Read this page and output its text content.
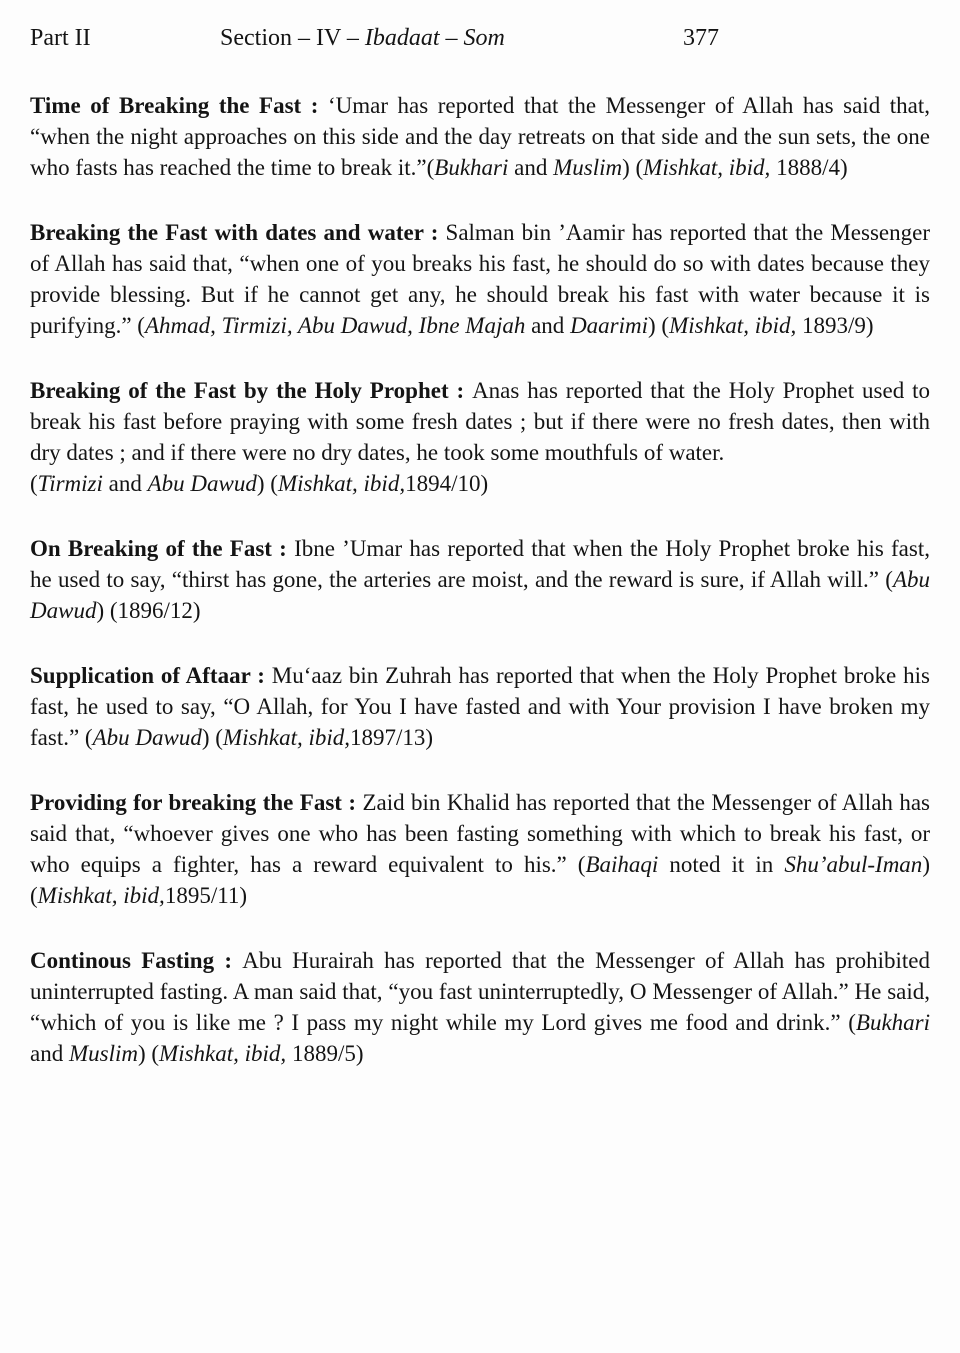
Part II	Section – IV – Ibadaat – Som	377

Time of Breaking the Fast : ‘Umar has reported that the Messenger of Allah has said that, “when the night approaches on this side and the day retreats on that side and the sun sets, the one who fasts has reached the time to break it.”(Bukhari and Muslim) (Mishkat, ibid, 1888/4)

Breaking the Fast with dates and water : Salman bin ’Aamir has reported that the Messenger of Allah has said that, “when one of you breaks his fast, he should do so with dates because they provide blessing. But if he cannot get any, he should break his fast with water because it is purifying.” (Ahmad, Tirmizi, Abu Dawud, Ibne Majah and Daarimi) (Mishkat, ibid, 1893/9)

Breaking of the Fast by the Holy Prophet : Anas has reported that the Holy Prophet used to break his fast before praying with some fresh dates ; but if there were no fresh dates, then with dry dates ; and if there were no dry dates, he took some mouthfuls of water.
(Tirmizi and Abu Dawud) (Mishkat, ibid,1894/10)

On Breaking of the Fast : Ibne ’Umar has reported that when the Holy Prophet broke his fast, he used to say, “thirst has gone, the arteries are moist, and the reward is sure, if Allah will.” (Abu Dawud) (1896/12)

Supplication of Aftaar : Mu‘aaz bin Zuhrah has reported that when the Holy Prophet broke his fast, he used to say, “O Allah, for You I have fasted and with Your provision I have broken my fast.” (Abu Dawud) (Mishkat, ibid,1897/13)

Providing for breaking the Fast : Zaid bin Khalid has reported that the Messenger of Allah has said that, “whoever gives one who has been fasting something with which to break his fast, or who equips a fighter, has a reward equivalent to his.” (Baihaqi noted it in Shu’abul-Iman) (Mishkat, ibid,1895/11)

Continous Fasting : Abu Hurairah has reported that the Messenger of Allah has prohibited uninterrupted fasting. A man said that, “you fast uninterruptedly, O Messenger of Allah.” He said, “which of you is like me ? I pass my night while my Lord gives me food and drink.” (Bukhari and Muslim) (Mishkat, ibid, 1889/5)
